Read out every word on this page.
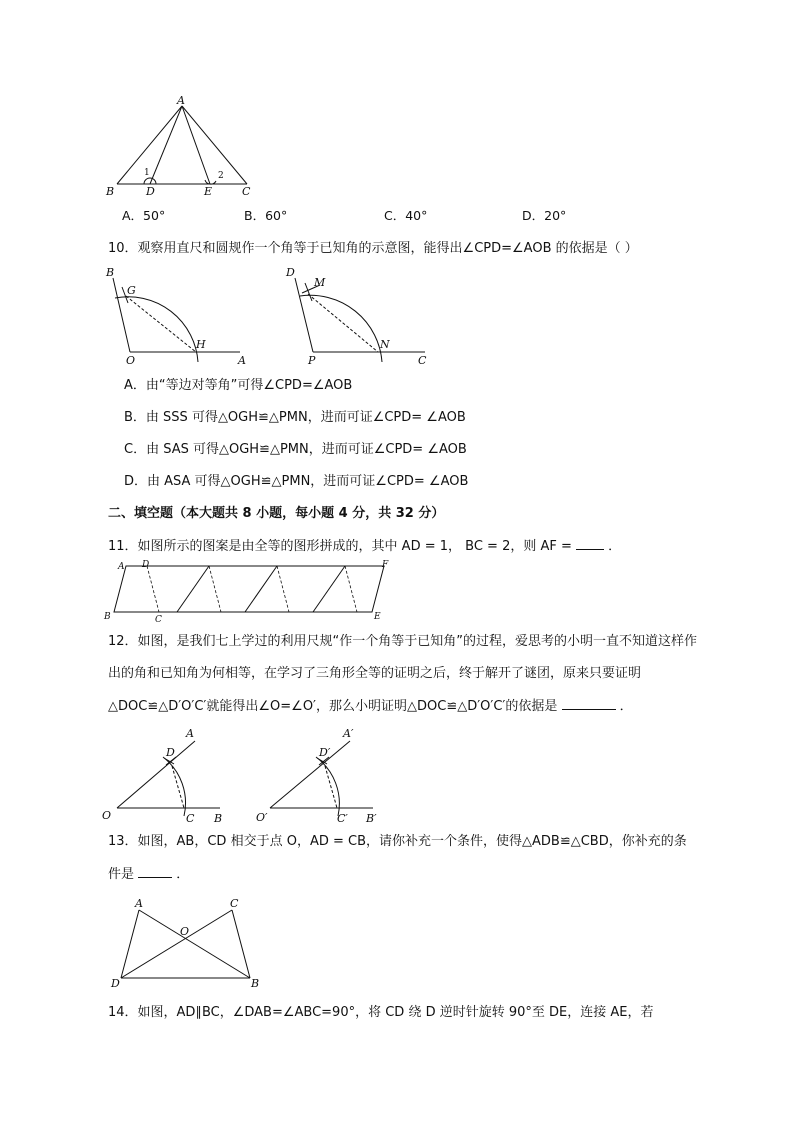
A
B	D	E	C
1	2
A．50°	B．60°	C．40°	D．20°
10．观察用直尺和圆规作一个角等于已知角的示意图，能得出∠CPD=∠AOB 的依据是（ ）
B
G
O
H
A
D
M
P
N
C
A．由“等边对等角”可得∠CPD=∠AOB
B．由 SSS 可得△OGH≌△PMN，进而可证∠CPD= ∠AOB
C．由 SAS 可得△OGH≌△PMN，进而可证∠CPD= ∠AOB
D．由 ASA 可得△OGH≌△PMN，进而可证∠CPD= ∠AOB
二、填空题（本大题共 8 小题，每小题 4 分，共 32 分）
11．如图所示的图案是由全等的图形拼成的，其中 AD = 1， BC = 2，则 AF =	．
A D	F
B	C	E
12．如图，是我们七上学过的利用尺规“作一个角等于已知角”的过程，爱思考的小明一直不知道这样作
出的角和已知角为何相等，在学习了三角形全等的证明之后，终于解开了谜团，原来只要证明
△DOC≌△D′O′C′就能得出∠O=∠O′，那么小明证明△DOC≌△D′O′C′的依据是	．
A
D
O	C B
A′
D′
O′	C′ B′
13．如图，AB，CD 相交于点 O，AD = CB，请你补充一个条件，使得△ADB≌△CBD，你补充的条
件是	．
A	C
O
D	B
14．如图，AD∥BC，∠DAB=∠ABC=90°，将 CD 绕 D 逆时针旋转 90°至 DE，连接 AE，若
